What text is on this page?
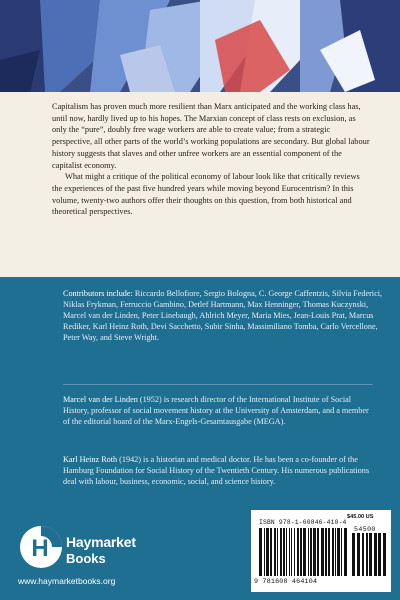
Capitalism has proven much more resilient than Marx anticipated and the working class has, until now, hardly lived up to his hopes. The Marxian concept of class rests on exclusion, as only the “pure”, doubly free wage workers are able to create value; from a strategic perspective, all other parts of the world’s working populations are secondary. But global labour history suggests that slaves and other unfree workers are an essential component of the capitalist economy.

What might a critique of the political economy of labour look like that critically reviews the experiences of the past five hundred years while moving beyond Eurocentrism? In this volume, twenty-two authors offer their thoughts on this question, from both historical and theoretical perspectives.

Contributors include: Riccardo Bellofiore, Sergio Bologna, C. George Caffentzis, Silvia Federici, Niklas Frykman, Ferruccio Gambino, Detlef Hartmann, Max Henninger, Thomas Kuczynski, Marcel van der Linden, Peter Linebaugh, Ahlrich Meyer, Maria Mies, Jean-Louis Prat, Marcus Rediker, Karl Heinz Roth, Devi Sacchetto, Subir Sinha, Massimiliano Tomba, Carlo Vercellone, Peter Way, and Steve Wright.
Marcel van der Linden (1952) is research director of the International Institute of Social History, professor of social movement history at the University of Amsterdam, and a member of the editorial board of the Marx-Engels-Gesamtausgabe (MEGA).
Karl Heinz Roth (1942) is a historian and medical doctor. He has been a co-founder of the Hamburg Foundation for Social History of the Twentieth Century. His numerous publications deal with labour, business, economic, social, and science history.
H Haymarket
Books
www.haymarketbooks.org
$45.00 US
ISBN 978-1-60846-410-4
54500
9 781608 464104
